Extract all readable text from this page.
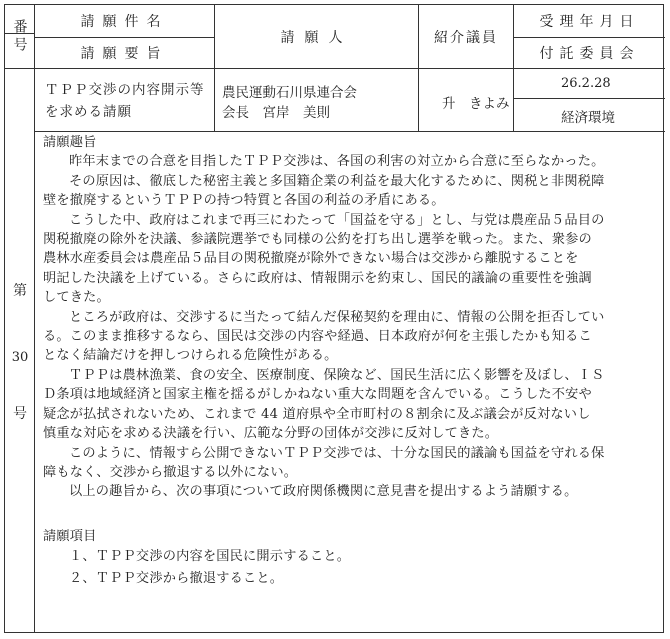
番号	請願件名
請願要旨
請願人	紹介議員
受理年月日
付託委員会
第
30
号
ＴＰＰ交渉の内容開示等
を求める請願
農民運動石川県連合会
会長　宮岸　美則
升　きよみ
26.2.28
経済環境

請願趣旨

昨年末までの合意を目指したＴＰＰ交渉は、各国の利害の対立から合意に至らなかった。

その原因は、徹底した秘密主義と多国籍企業の利益を最大化するために、関税と非関税障

壁を撤廃するというＴＰＰの持つ特質と各国の利益の矛盾にある。

こうした中、政府はこれまで再三にわたって「国益を守る」とし、与党は農産品５品目の

関税撤廃の除外を決議、参議院選挙でも同様の公約を打ち出し選挙を戦った。また、衆参の

農林水産委員会は農産品５品目の関税撤廃が除外できない場合は交渉から離脱することを

明記した決議を上げている。さらに政府は、情報開示を約束し、国民的議論の重要性を強調

してきた。

ところが政府は、交渉するに当たって結んだ保秘契約を理由に、情報の公開を拒否してい

る。このまま推移するなら、国民は交渉の内容や経過、日本政府が何を主張したかも知るこ

となく結論だけを押しつけられる危険性がある。

ＴＰＰは農林漁業、食の安全、医療制度、保険など、国民生活に広く影響を及ぼし、ＩＳ

Ｄ条項は地域経済と国家主権を揺るがしかねない重大な問題を含んでいる。こうした不安や

疑念が払拭されないため、これまで 44 道府県や全市町村の８割余に及ぶ議会が反対ないし

慎重な対応を求める決議を行い、広範な分野の団体が交渉に反対してきた。

このように、情報すら公開できないＴＰＰ交渉では、十分な国民的議論も国益を守れる保

障もなく、交渉から撤退する以外にない。

以上の趣旨から、次の事項について政府関係機関に意見書を提出するよう請願する。

請願項目

１、ＴＰＰ交渉の内容を国民に開示すること。

２、ＴＰＰ交渉から撤退すること。
